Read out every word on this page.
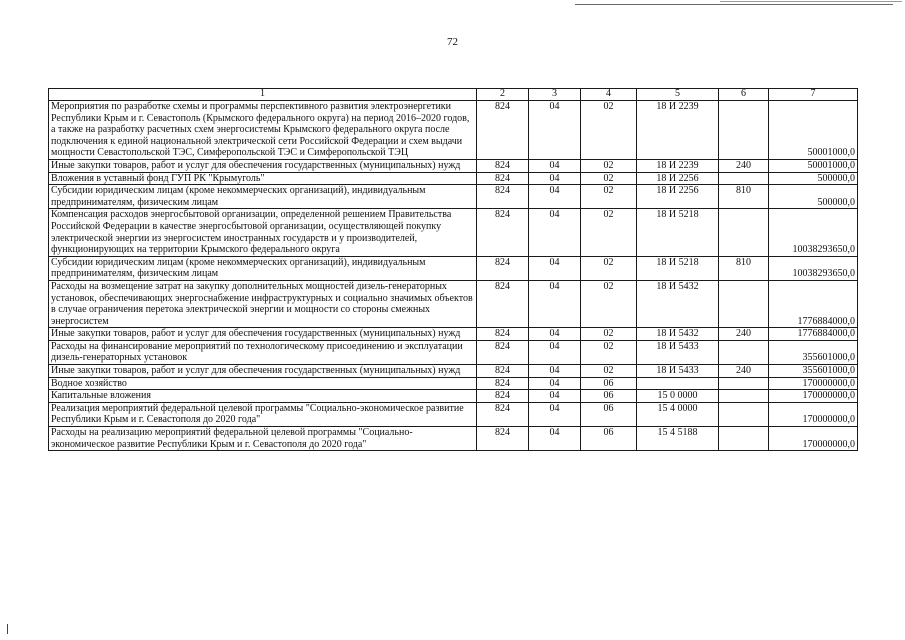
72
1	2	3	4	5	6	7
Мероприятия по разработке схемы и программы перспективного развития электроэнергетики Республики Крым и г. Севастополь (Крымского федерального округа) на период 2016–2020 годов, а также на разработку расчетных схем энергосистемы Крымского федерального округа после подключения к единой национальной электрической сети Российской Федерации и схем выдачи мощности Севастопольской ТЭС, Симферопольской ТЭС и Симферопольской ТЭЦ	824	04	02	18 И 2239		50001000,0
Иные закупки товаров, работ и услуг для обеспечения государственных (муниципальных) нужд	824	04	02	18 И 2239	240	50001000,0
Вложения в уставный фонд ГУП РК "Крымуголь"	824	04	02	18 И 2256		500000,0
Субсидии юридическим лицам (кроме некоммерческих организаций), индивидуальным предпринимателям, физическим лицам	824	04	02	18 И 2256	810	500000,0
Компенсация расходов энергосбытовой организации, определенной решением Правительства Российской Федерации в качестве энергосбытовой организации, осуществляющей покупку электрической энергии из энергосистем иностранных государств и у производителей, функционирующих на территории Крымского федерального округа	824	04	02	18 И 5218		10038293650,0
Субсидии юридическим лицам (кроме некоммерческих организаций), индивидуальным предпринимателям, физическим лицам	824	04	02	18 И 5218	810	10038293650,0
Расходы на возмещение затрат на закупку дополнительных мощностей дизель-генераторных установок, обеспечивающих энергоснабжение инфраструктурных и социально значимых объектов в случае ограничения перетока электрической энергии и мощности со стороны смежных энергосистем	824	04	02	18 И 5432		1776884000,0
Иные закупки товаров, работ и услуг для обеспечения государственных (муниципальных) нужд	824	04	02	18 И 5432	240	1776884000,0
Расходы на финансирование мероприятий по технологическому присоединению и эксплуатации дизель-генераторных установок	824	04	02	18 И 5433		355601000,0
Иные закупки товаров, работ и услуг для обеспечения государственных (муниципальных) нужд	824	04	02	18 И 5433	240	355601000,0
Водное хозяйство	824	04	06			170000000,0
Капитальные вложения	824	04	06	15 0 0000		170000000,0
Реализация мероприятий федеральной целевой программы "Социально-экономическое развитие Республики Крым и г. Севастополя до 2020 года"	824	04	06	15 4 0000		170000000,0
Расходы на реализацию мероприятий федеральной целевой программы "Социально-экономическое развитие Республики Крым и г. Севастополя до 2020 года"	824	04	06	15 4 5188		170000000,0
